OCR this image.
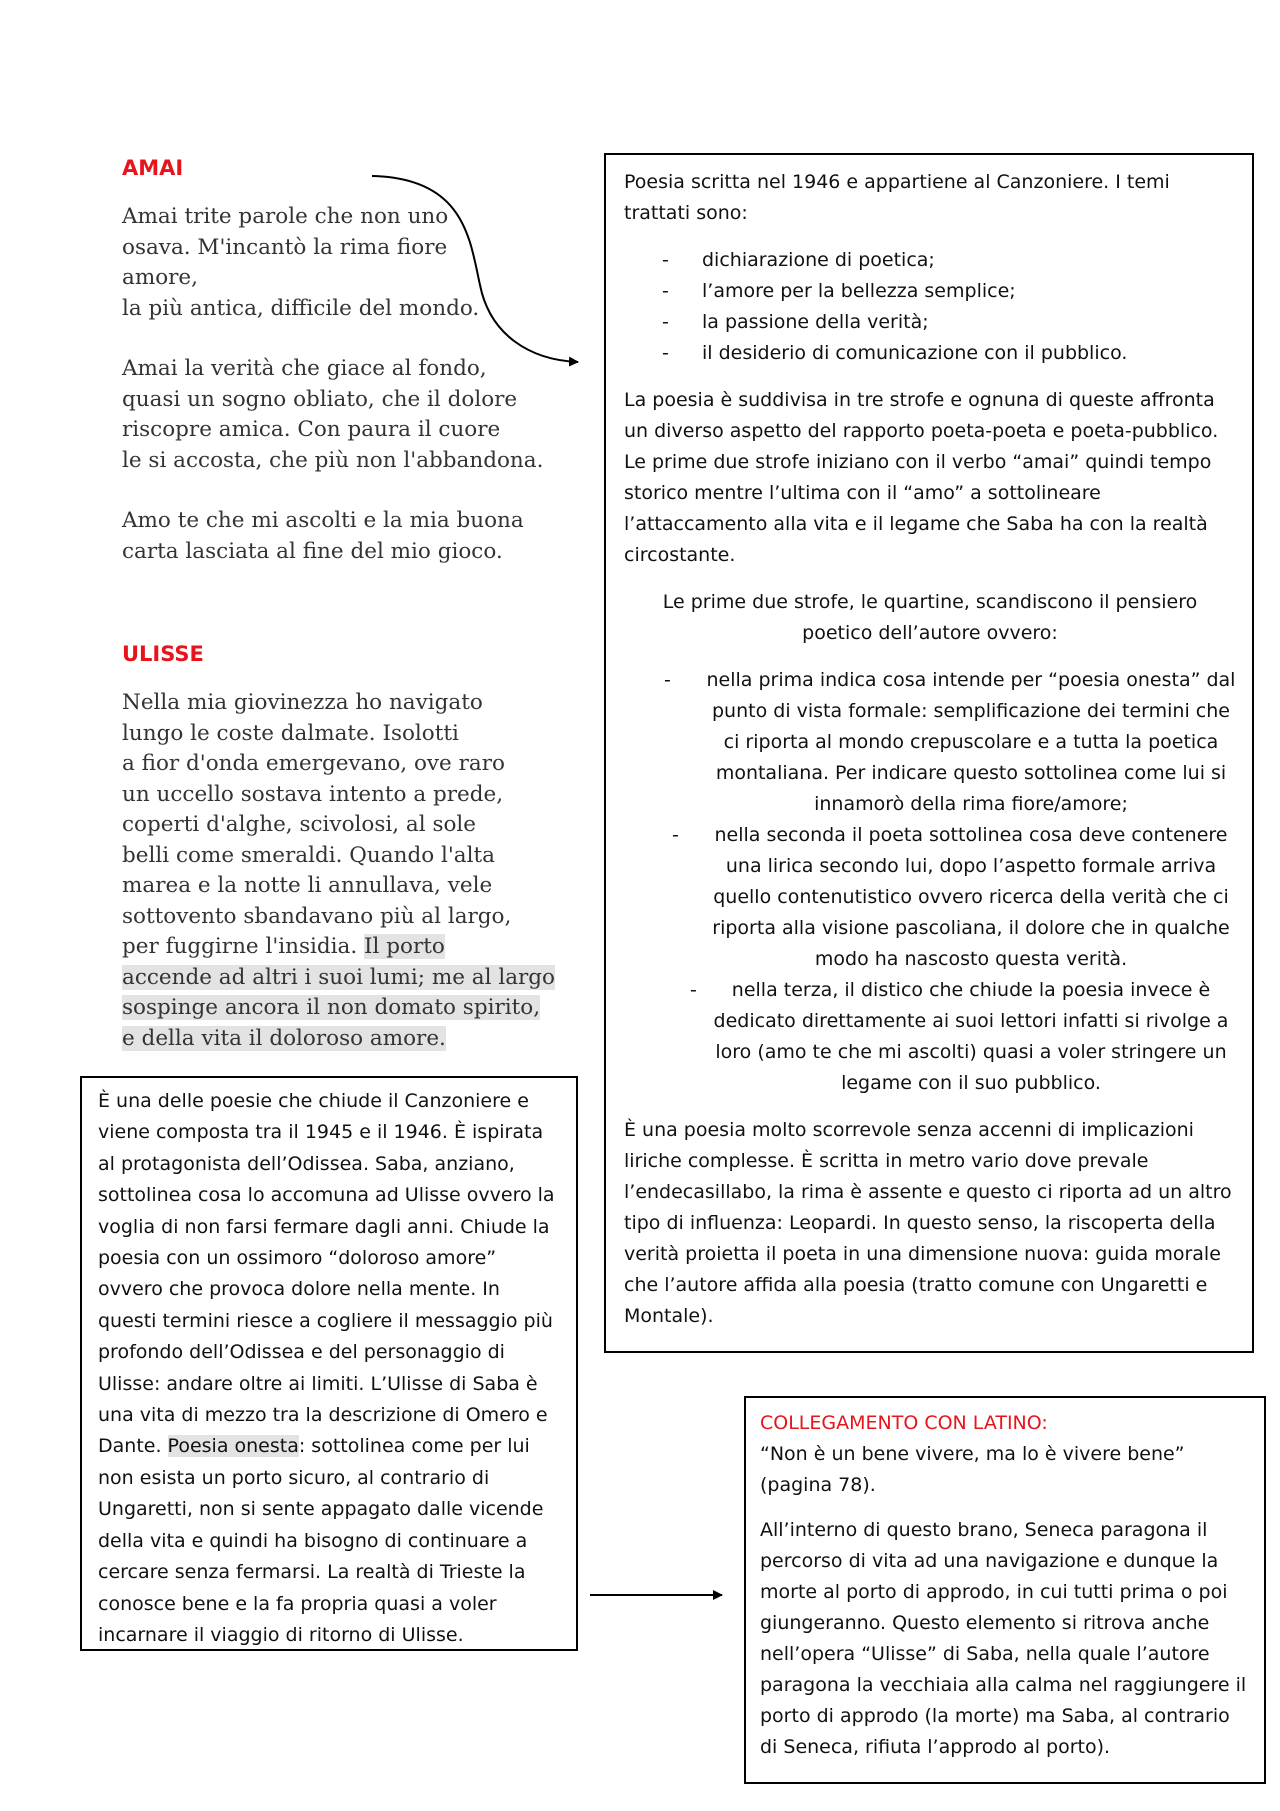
AMAI
Amai trite parole che non uno
osava. M'incantò la rima fiore
amore,
la più antica, difficile del mondo.
Amai la verità che giace al fondo,
quasi un sogno obliato, che il dolore
riscopre amica. Con paura il cuore
le si accosta, che più non l'abbandona.
Amo te che mi ascolti e la mia buona
carta lasciata al fine del mio gioco.
ULISSE
Nella mia giovinezza ho navigato
lungo le coste dalmate. Isolotti
a fior d'onda emergevano, ove raro
un uccello sostava intento a prede,
coperti d'alghe, scivolosi, al sole
belli come smeraldi. Quando l'alta
marea e la notte li annullava, vele
sottovento sbandavano più al largo,
per fuggirne l'insidia. Il porto
accende ad altri i suoi lumi; me al largo
sospinge ancora il non domato spirito,
e della vita il doloroso amore.

Poesia scritta nel 1946 e appartiene al Canzoniere. I temi trattati sono:

- dichiarazione di poetica;
- l’amore per la bellezza semplice;
- la passione della verità;
- il desiderio di comunicazione con il pubblico.

La poesia è suddivisa in tre strofe e ognuna di queste affronta un diverso aspetto del rapporto poeta-poeta e poeta-pubblico. Le prime due strofe iniziano con il verbo “amai” quindi tempo storico mentre l’ultima con il “amo” a sottolineare l’attaccamento alla vita e il legame che Saba ha con la realtà circostante.

Le prime due strofe, le quartine, scandiscono il pensiero poetico dell’autore ovvero:

- nella prima indica cosa intende per “poesia onesta” dal punto di vista formale: semplificazione dei termini che ci riporta al mondo crepuscolare e a tutta la poetica montaliana. Per indicare questo sottolinea come lui si innamorò della rima fiore/amore;
- nella seconda il poeta sottolinea cosa deve contenere una lirica secondo lui, dopo l’aspetto formale arriva quello contenutistico ovvero ricerca della verità che ci riporta alla visione pascoliana, il dolore che in qualche modo ha nascosto questa verità.
- nella terza, il distico che chiude la poesia invece è dedicato direttamente ai suoi lettori infatti si rivolge a loro (amo te che mi ascolti) quasi a voler stringere un legame con il suo pubblico.

È una poesia molto scorrevole senza accenni di implicazioni liriche complesse. È scritta in metro vario dove prevale l’endecasillabo, la rima è assente e questo ci riporta ad un altro tipo di influenza: Leopardi. In questo senso, la riscoperta della verità proietta il poeta in una dimensione nuova: guida morale che l’autore affida alla poesia (tratto comune con Ungaretti e Montale).

È una delle poesie che chiude il Canzoniere e viene composta tra il 1945 e il 1946. È ispirata al protagonista dell’Odissea. Saba, anziano, sottolinea cosa lo accomuna ad Ulisse ovvero la voglia di non farsi fermare dagli anni. Chiude la poesia con un ossimoro “doloroso amore” ovvero che provoca dolore nella mente. In questi termini riesce a cogliere il messaggio più profondo dell’Odissea e del personaggio di Ulisse: andare oltre ai limiti. L’Ulisse di Saba è una vita di mezzo tra la descrizione di Omero e Dante. Poesia onesta: sottolinea come per lui non esista un porto sicuro, al contrario di Ungaretti, non si sente appagato dalle vicende della vita e quindi ha bisogno di continuare a cercare senza fermarsi. La realtà di Trieste la conosce bene e la fa propria quasi a voler incarnare il viaggio di ritorno di Ulisse.

COLLEGAMENTO CON LATINO:

“Non è un bene vivere, ma lo è vivere bene” (pagina 78).

All’interno di questo brano, Seneca paragona il percorso di vita ad una navigazione e dunque la morte al porto di approdo, in cui tutti prima o poi giungeranno. Questo elemento si ritrova anche nell’opera “Ulisse” di Saba, nella quale l’autore paragona la vecchiaia alla calma nel raggiungere il porto di approdo (la morte) ma Saba, al contrario di Seneca, rifiuta l’approdo al porto).
